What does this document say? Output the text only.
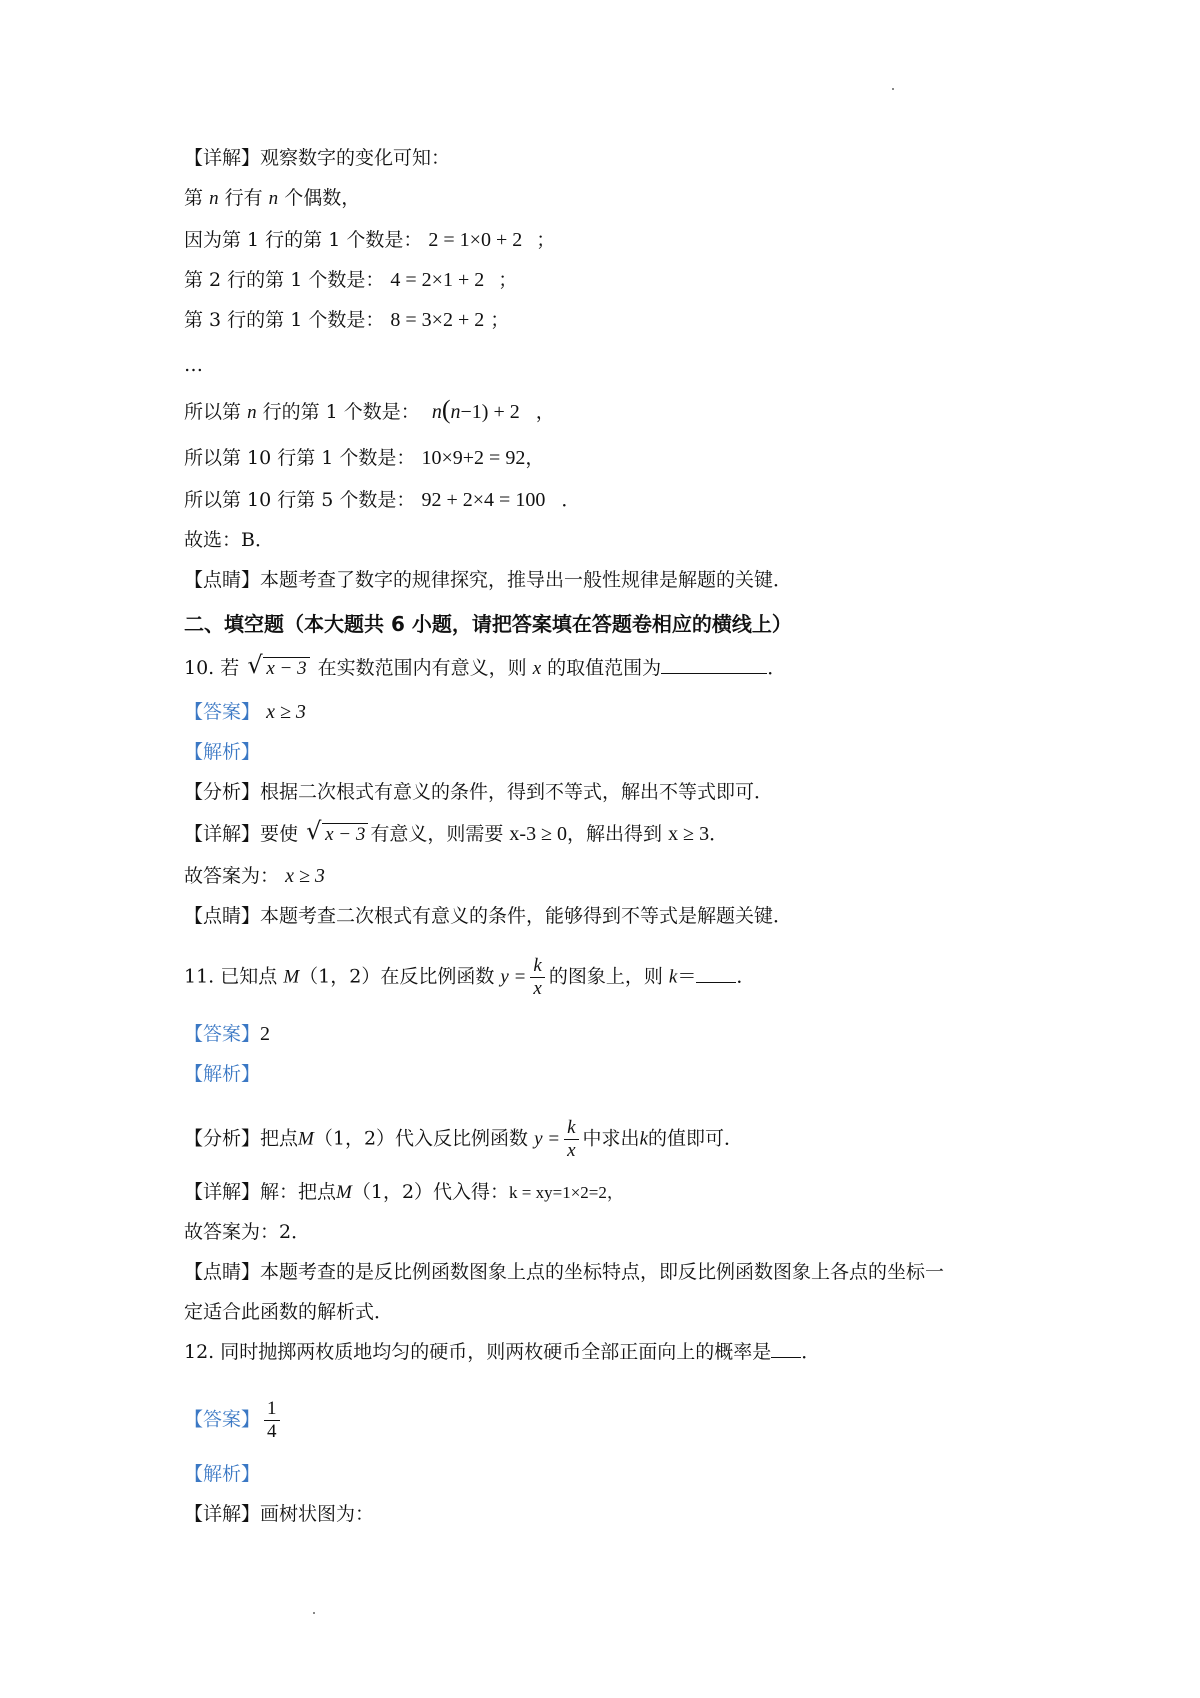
【详解】观察数字的变化可知：
第 n 行有 n 个偶数，
因为第 1 行的第 1 个数是： 2 = 1×0 + 2 ；
第 2 行的第 1 个数是： 4 = 2×1 + 2 ；
第 3 行的第 1 个数是： 8 = 3×2 + 2 ；
…
所以第 n 行的第 1 个数是： n(n−1) + 2 ，
所以第 10 行第 1 个数是： 10×9+2 = 92，
所以第 10 行第 5 个数是： 92 + 2×4 = 100 ．
故选：B．
【点睛】本题考查了数字的规律探究，推导出一般性规律是解题的关键．
二、填空题（本大题共 6 小题，请把答案填在答题卷相应的横线上）
10. 若 √ x − 3 在实数范围内有意义，则 x 的取值范围为	．
【答案】 x ≥ 3
【解析】
【分析】根据二次根式有意义的条件，得到不等式，解出不等式即可．
【详解】要使 √ x − 3 有意义，则需要 x-3 ≥ 0，解出得到 x ≥ 3．
故答案为： x ≥ 3
【点睛】本题考查二次根式有意义的条件，能够得到不等式是解题关键．
11. 已知点 M（1，2）在反比例函数 $y = \frac{k}{x}$ 的图象上，则 k＝ ．
【答案】2
【解析】
【分析】把点M（1，2）代入反比例函数 $y = \frac{k}{x}$ 中求出k的值即可．
【详解】解：把点M（1，2）代入得：k = xy=1×2=2，
故答案为：2．
【点睛】本题考查的是反比例函数图象上点的坐标特点，即反比例函数图象上各点的坐标一
定适合此函数的解析式．
12. 同时抛掷两枚质地均匀的硬币，则两枚硬币全部正面向上的概率是 ．
【答案】 $\frac{1}{4}$
【解析】
【详解】画树状图为：
